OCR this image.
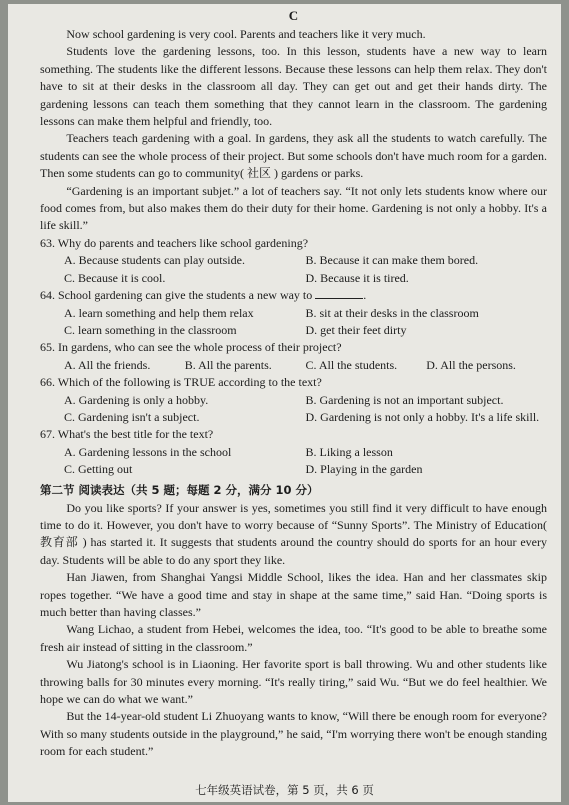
C

Now school gardening is very cool. Parents and teachers like it very much.

Students love the gardening lessons, too. In this lesson, students have a new way to learn something. The students like the different lessons. Because these lessons can help them relax. They don't have to sit at their desks in the classroom all day. They can get out and get their hands dirty. The gardening lessons can teach them something that they cannot learn in the classroom. The gardening lessons can make them helpful and friendly, too.

Teachers teach gardening with a goal. In gardens, they ask all the students to watch carefully. The students can see the whole process of their project. But some schools don't have much room for a garden. Then some students can go to community( 社区 ) gardens or parks.

“Gardening is an important subjet.” a lot of teachers say. “It not only lets students know where our food comes from, but also makes them do their duty for their home. Gardening is not only a hobby. It's a life skill.”

63. Why do parents and teachers like school gardening?

A. Because students can play outside.	B. Because it can make them bored.
C. Because it is cool.	D. Because it is tired.

64. School gardening can give the students a new way to	.

A. learn something and help them relax	B. sit at their desks in the classroom
C. learn something in the classroom	D. get their feet dirty

65. In gardens, who can see the whole process of their project?

A. All the friends.	B. All the parents.	C. All the students.	D. All the persons.

66. Which of the following is TRUE according to the text?

A. Gardening is only a hobby.	B. Gardening is not an important subject.
C. Gardening isn't a subject.	D. Gardening is not only a hobby. It's a life skill.

67. What's the best title for the text?

A. Gardening lessons in the school	B. Liking a lesson
C. Getting out	D. Playing in the garden
第二节 阅读表达（共 5 题；每题 2 分，满分 10 分）

Do you like sports? If your answer is yes, sometimes you still find it very difficult to have enough time to do it. However, you don't have to worry because of “Sunny Sports”. The Ministry of Education( 教育部 ) has started it. It suggests that students around the country should do sports for an hour every day. Students will be able to do any sport they like.

Han Jiawen, from Shanghai Yangsi Middle School, likes the idea. Han and her classmates skip ropes together. “We have a good time and stay in shape at the same time,” said Han. “Doing sports is much better than having classes.”

Wang Lichao, a student from Hebei, welcomes the idea, too. “It's good to be able to breathe some fresh air instead of sitting in the classroom.”

Wu Jiatong's school is in Liaoning. Her favorite sport is ball throwing. Wu and other students like throwing balls for 30 minutes every morning. “It's really tiring,” said Wu. “But we do feel healthier. We hope we can do what we want.”

But the 14-year-old student Li Zhuoyang wants to know, “Will there be enough room for everyone? With so many students outside in the playground,” he said, “I'm worrying there won't be enough standing room for each student.”

七年级英语试卷，第 5 页，共 6 页
